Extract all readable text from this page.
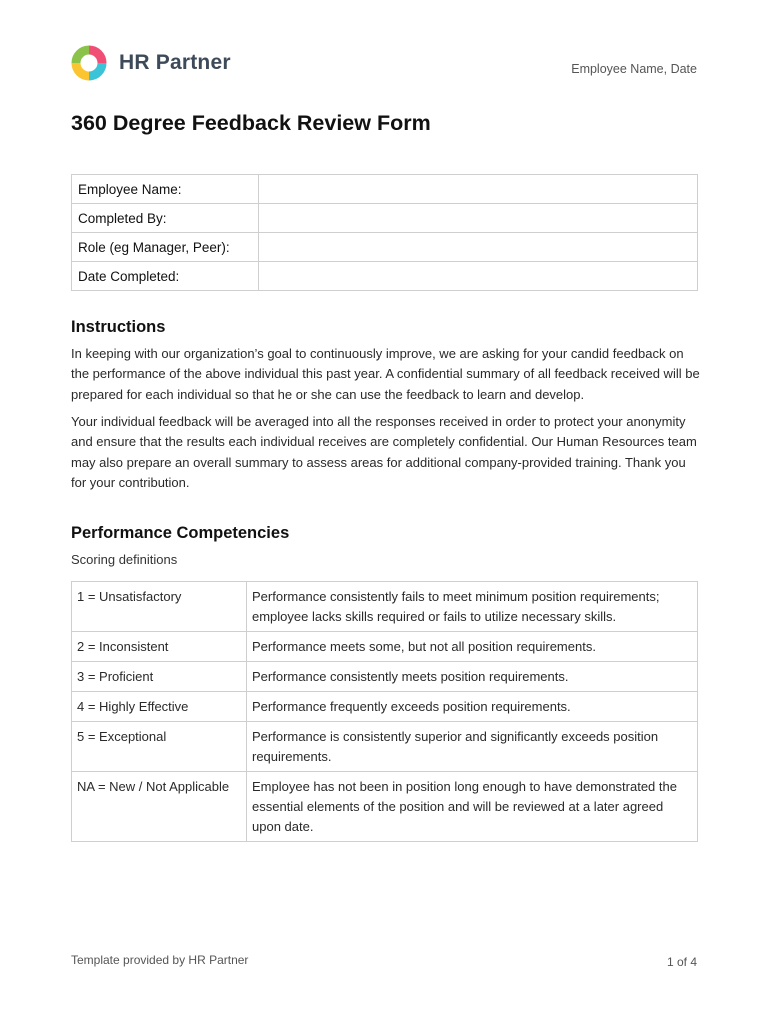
HR Partner	Employee Name, Date
360 Degree Feedback Review Form
Employee Name:	
Completed By:	
Role (eg Manager, Peer):	
Date Completed:	
Instructions

In keeping with our organization’s goal to continuously improve, we are asking for your candid feedback on the performance of the above individual this past year. A confidential summary of all feedback received will be prepared for each individual so that he or she can use the feedback to learn and develop.

Your individual feedback will be averaged into all the responses received in order to protect your anonymity and ensure that the results each individual receives are completely confidential. Our Human Resources team may also prepare an overall summary to assess areas for additional company-provided training. Thank you for your contribution.

Performance Competencies
Scoring definitions
1 = Unsatisfactory	Performance consistently fails to meet minimum position requirements; employee lacks skills required or fails to utilize necessary skills.
2 = Inconsistent	Performance meets some, but not all position requirements.
3 = Proficient	Performance consistently meets position requirements.
4 = Highly Effective	Performance frequently exceeds position requirements.
5 = Exceptional	Performance is consistently superior and significantly exceeds position requirements.
NA = New / Not Applicable	Employee has not been in position long enough to have demonstrated the essential elements of the position and will be reviewed at a later agreed upon date.
Template provided by HR Partner	1 of 4
